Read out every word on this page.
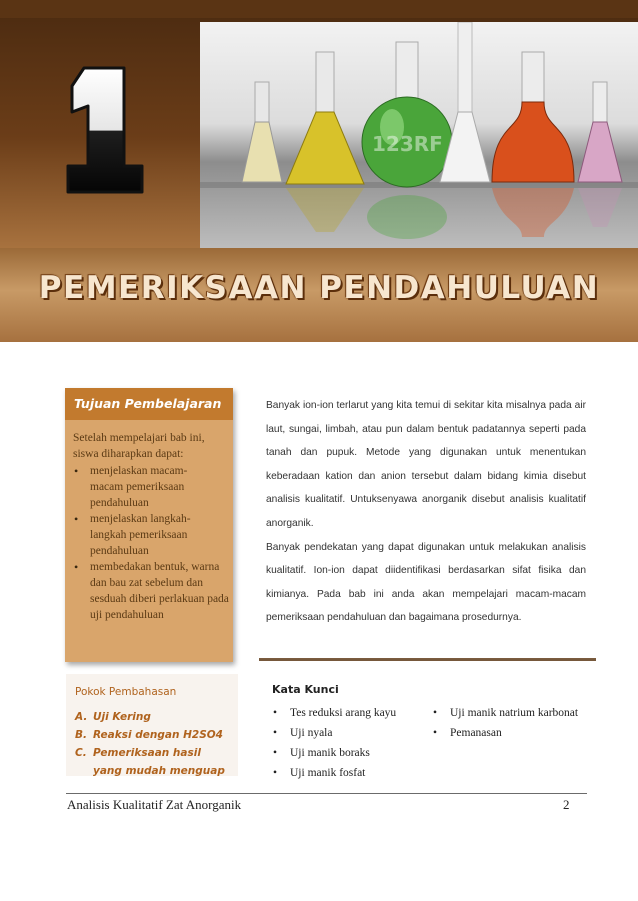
123RF
PEMERIKSAAN PENDAHULUAN
Tujuan Pembelajaran
Setelah mempelajari bab ini,
siswa diharapkan dapat:
• menjelaskan macam-macam pemeriksaan pendahuluan
• menjelaskan langkah-langkah pemeriksaan pendahuluan
• membedakan bentuk, warna dan bau zat sebelum dan sesduah diberi perlakuan pada uji pendahuluan

Banyak ion-ion terlarut yang kita temui di sekitar kita misalnya pada air laut, sungai, limbah, atau pun dalam bentuk padatannya seperti pada tanah dan pupuk. Metode yang digunakan untuk menentukan keberadaan kation dan anion tersebut dalam bidang kimia disebut analisis kualitatif. Untuksenyawa anorganik disebut analisis kualitatif anorganik.

Banyak pendekatan yang dapat digunakan untuk melakukan analisis kualitatif. Ion-ion dapat diidentifikasi berdasarkan sifat fisika dan kimianya. Pada bab ini anda akan mempelajari macam-macam pemeriksaan pendahuluan dan bagaimana prosedurnya.

Pokok Pembahasan
A. Uji Kering
B. Reaksi dengan H2SO4
C. Pemeriksaan hasil yang mudah menguap
Kata Kunci
• Tes reduksi arang kayu
• Uji nyala
• Uji manik boraks
• Uji manik fosfat
• Uji manik natrium karbonat
• Pemanasan
Analisis Kualitatif Zat Anorganik	2
